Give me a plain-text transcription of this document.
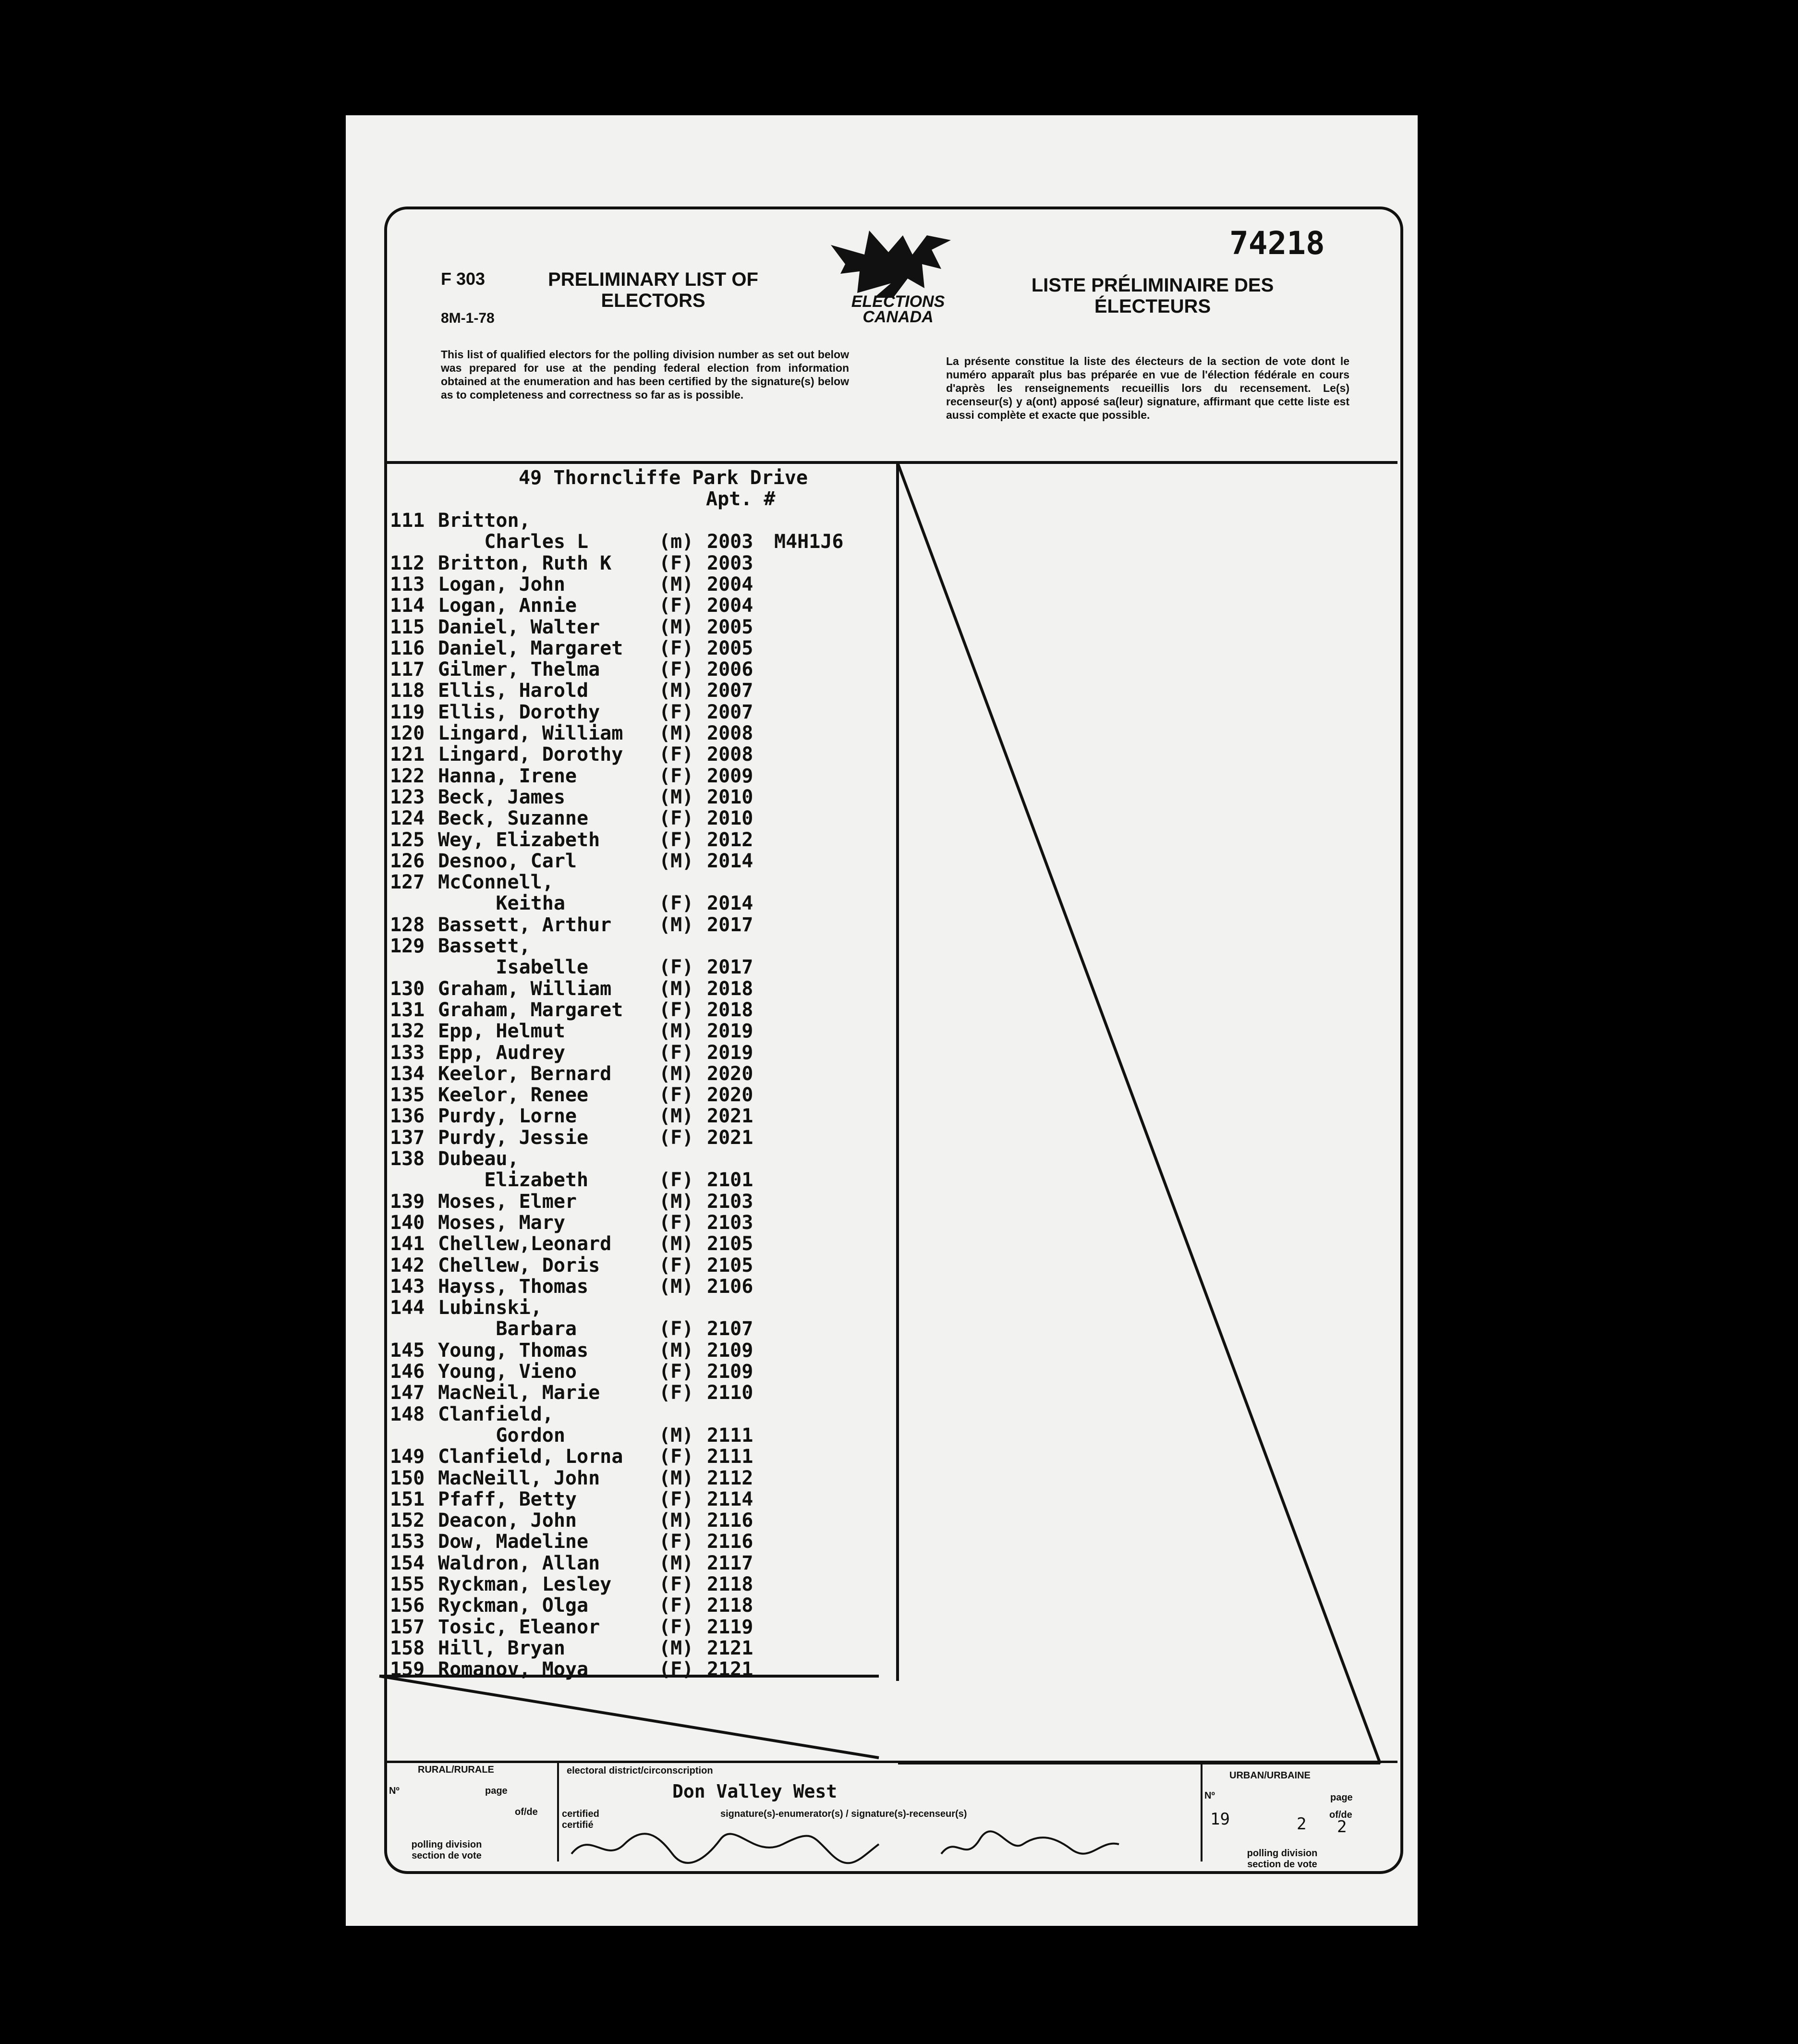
74218
F 303
8M-1-78
PRELIMINARY LIST OF ELECTORS
LISTE PRÉLIMINAIRE DES ÉLECTEURS
ELECTIONS CANADA
This list of qualified electors for the polling division number as set out below was prepared for use at the pending federal election from information obtained at the enumeration and has been certified by the signature(s) below as to completeness and correctness so far as is possible.
La présente constitue la liste des électeurs de la section de vote dont le numéro apparaît plus bas préparée en vue de l'élection fédérale en cours d'après les renseignements recueillis lors du recensement. Le(s) recenseur(s) y a(ont) apposé sa(leur) signature, affirmant que cette liste est aussi complète et exacte que possible.
49 Thorncliffe Park Drive
Apt. #
111 Britton,
Charles L	(m) 2003 M4H1J6
112 Britton, Ruth K (F) 2003
113 Logan, John	(M) 2004
114 Logan, Annie	(F) 2004
115 Daniel, Walter	(M) 2005
116 Daniel, Margaret (F) 2005
117 Gilmer, Thelma	(F) 2006
118 Ellis, Harold	(M) 2007
119 Ellis, Dorothy	(F) 2007
120 Lingard, William (M) 2008
121 Lingard, Dorothy (F) 2008
122 Hanna, Irene	(F) 2009
123 Beck, James	(M) 2010
124 Beck, Suzanne	(F) 2010
125 Wey, Elizabeth	(F) 2012
126 Desnoo, Carl	(M) 2014
127 McConnell,
Keitha	(F) 2014
128 Bassett, Arthur (M) 2017
129 Bassett,
Isabelle	(F) 2017
130 Graham, William (M) 2018
131 Graham, Margaret (F) 2018
132 Epp, Helmut	(M) 2019
133 Epp, Audrey	(F) 2019
134 Keelor, Bernard (M) 2020
135 Keelor, Renee	(F) 2020
136 Purdy, Lorne	(M) 2021
137 Purdy, Jessie	(F) 2021
138 Dubeau,
Elizabeth	(F) 2101
139 Moses, Elmer	(M) 2103
140 Moses, Mary	(F) 2103
141 Chellew,Leonard (M) 2105
142 Chellew, Doris	(F) 2105
143 Hayss, Thomas	(M) 2106
144 Lubinski,
Barbara	(F) 2107
145 Young, Thomas	(M) 2109
146 Young, Vieno	(F) 2109
147 MacNeil, Marie	(F) 2110
148 Clanfield,
Gordon	(M) 2111
149 Clanfield, Lorna (F) 2111
150 MacNeill, John	(M) 2112
151 Pfaff, Betty	(F) 2114
152 Deacon, John	(M) 2116
153 Dow, Madeline	(F) 2116
154 Waldron, Allan	(M) 2117
155 Ryckman, Lesley (F) 2118
156 Ryckman, Olga	(F) 2118
157 Tosic, Eleanor	(F) 2119
158 Hill, Bryan	(M) 2121
159 Romanov, Moya	(F) 2121
RURAL/RURALE	electoral district/circonscription	URBAN/URBAINE
Nº	page
of/de
Don Valley West
certified certifié
signature(s)-enumerator(s) / signature(s)-recenseur(s)
polling division section de vote	polling division section de vote
Nº	page
of/de
19	2 2
